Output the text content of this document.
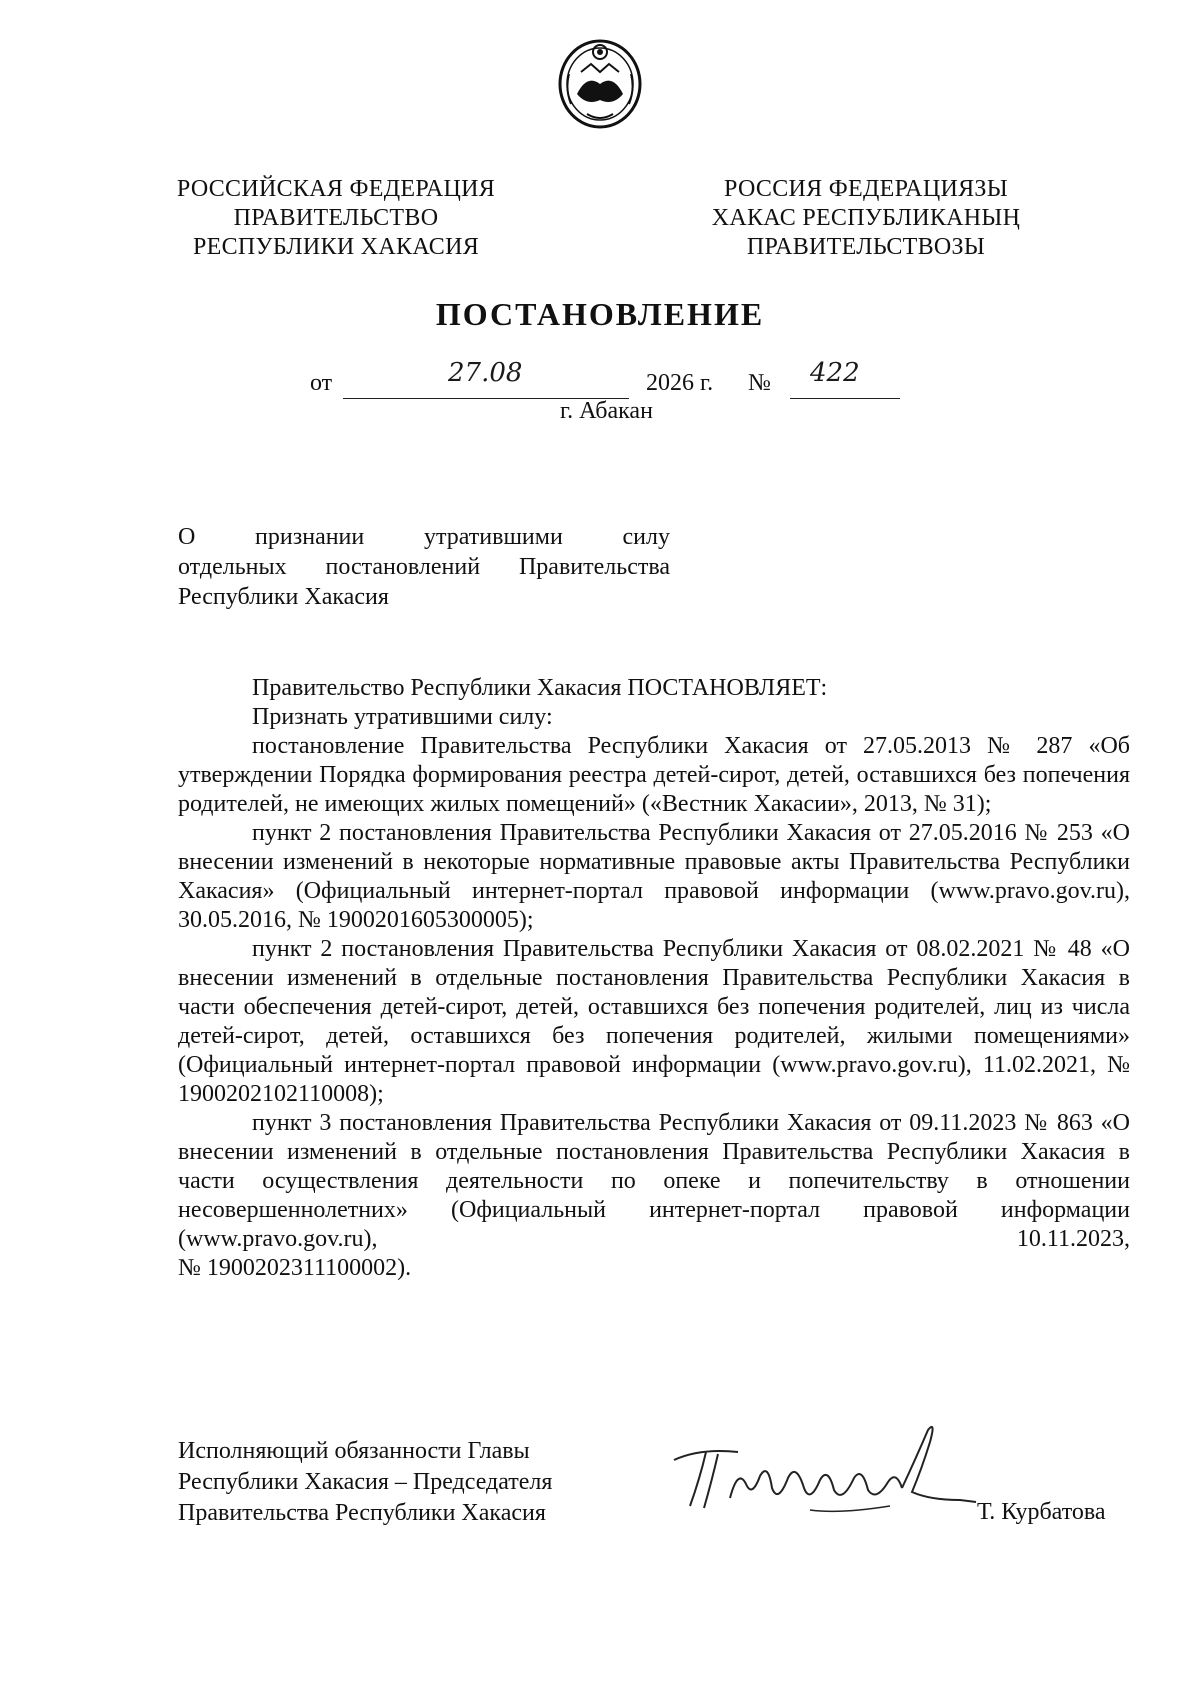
РОССИЙСКАЯ ФЕДЕРАЦИЯ
ПРАВИТЕЛЬСТВО
РЕСПУБЛИКИ ХАКАСИЯ
РОССИЯ ФЕДЕРАЦИЯЗЫ
ХАКАС РЕСПУБЛИКАНЫҢ
ПРАВИТЕЛЬСТВОЗЫ
ПОСТАНОВЛЕНИЕ
от	27.08	2026 г. № 422
г. Абакан
О признании утратившими силу
отдельных постановлений Правительства
Республики Хакасия

Правительство Республики Хакасия ПОСТАНОВЛЯЕТ:

Признать утратившими силу:

постановление Правительства Республики Хакасия от 27.05.2013 № 287 «Об утверждении Порядка формирования реестра детей-сирот, детей, оставшихся без попечения родителей, не имеющих жилых помещений» («Вестник Хакасии», 2013, № 31);

пункт 2 постановления Правительства Республики Хакасия от 27.05.2016 № 253 «О внесении изменений в некоторые нормативные правовые акты Правительства Республики Хакасия» (Официальный интернет-портал правовой информации (www.pravo.gov.ru), 30.05.2016, № 1900201605300005);

пункт 2 постановления Правительства Республики Хакасия от 08.02.2021 № 48 «О внесении изменений в отдельные постановления Правительства Республики Хакасия в части обеспечения детей-сирот, детей, оставшихся без попечения родителей, лиц из числа детей-сирот, детей, оставшихся без попечения родителей, жилыми помещениями» (Официальный интернет-портал правовой информации (www.pravo.gov.ru), 11.02.2021, № 1900202102110008);

пункт 3 постановления Правительства Республики Хакасия от 09.11.2023 № 863 «О внесении изменений в отдельные постановления Правительства Республики Хакасия в части осуществления деятельности по опеке и попечительству в отношении несовершеннолетних» (Официальный интернет-портал правовой информации (www.pravo.gov.ru), 10.11.2023,

№ 1900202311100002).

Исполняющий обязанности Главы
Республики Хакасия – Председателя
Правительства Республики Хакасия	Т. Курбатова
